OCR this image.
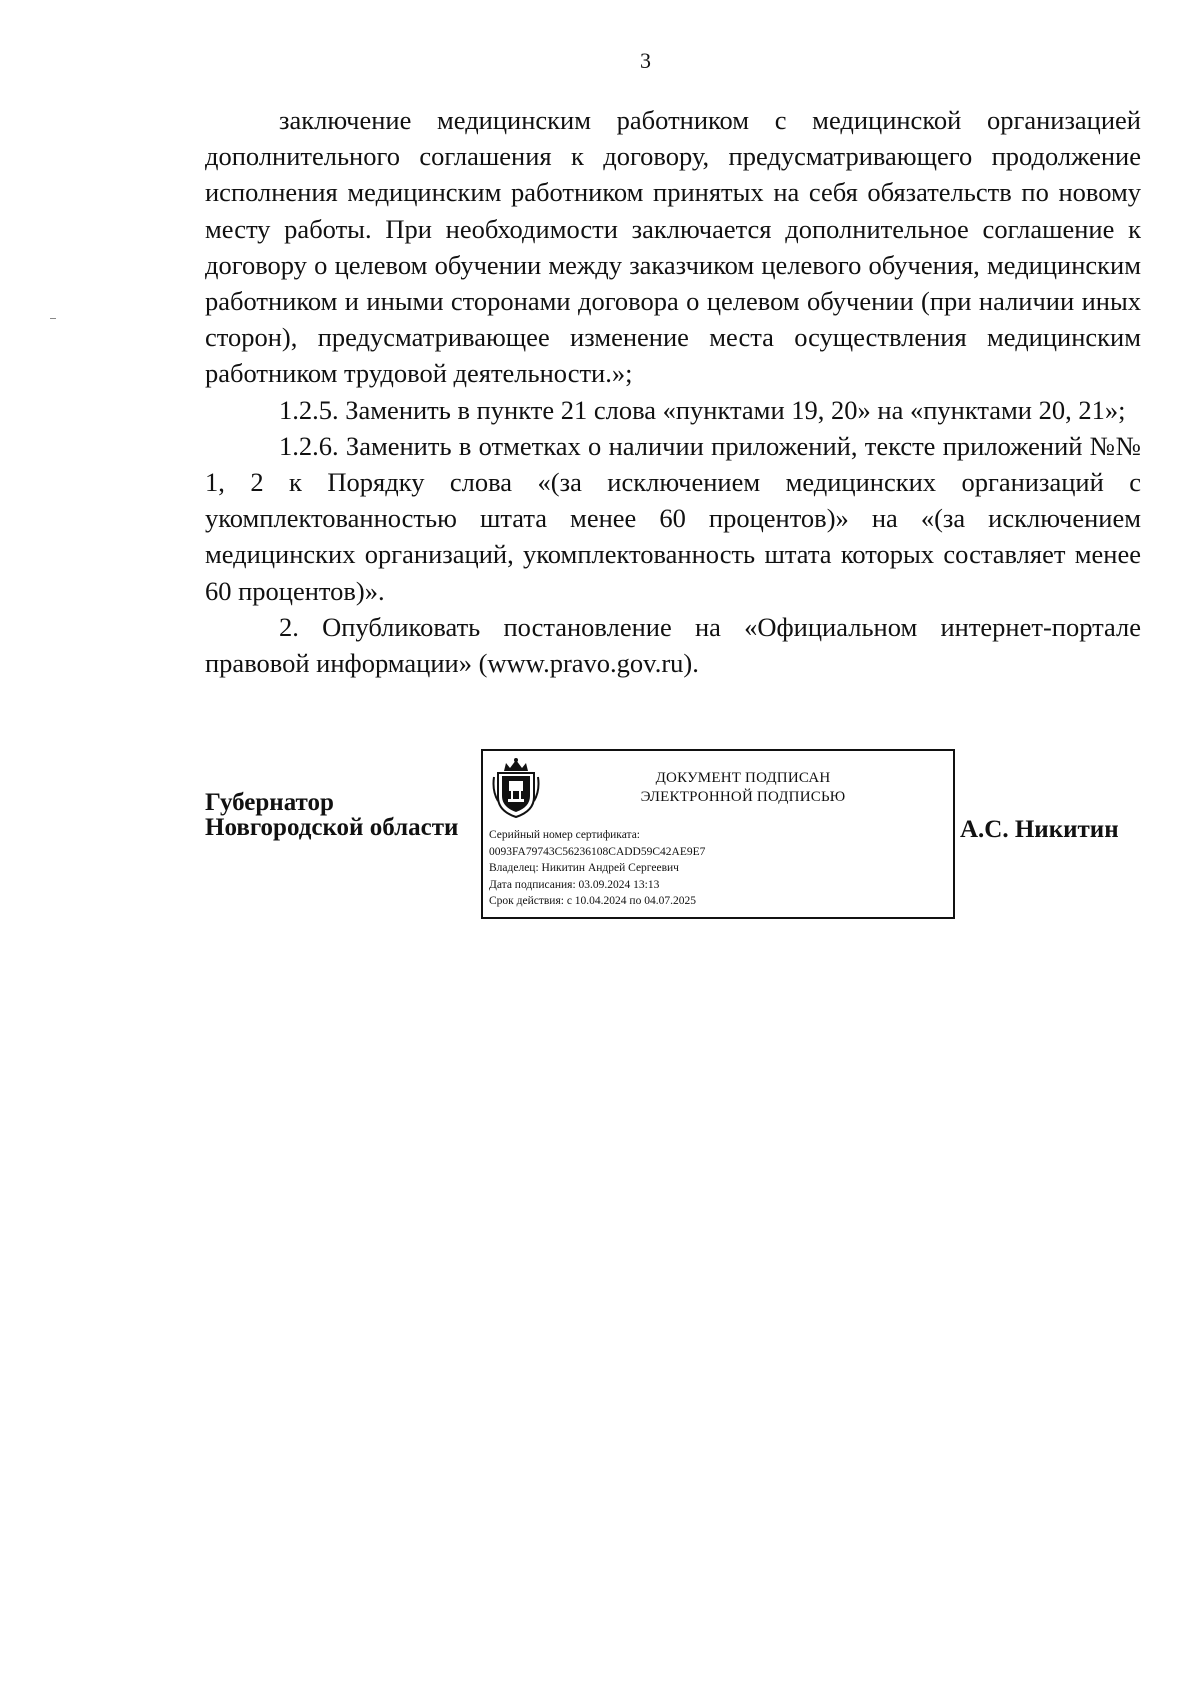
3

заключение медицинским работником с медицинской организацией дополнительного соглашения к договору, предусматривающего продолжение исполнения медицинским работником принятых на себя обязательств по новому месту работы. При необходимости заключается дополнительное соглашение к договору о целевом обучении между заказчиком целевого обучения, медицинским работником и иными сторонами договора о целевом обучении (при наличии иных сторон), предусматривающее изменение места осуществления медицинским работником трудовой деятельности.»;

1.2.5. Заменить в пункте 21 слова «пунктами 19, 20» на «пунктами 20, 21»;

1.2.6. Заменить в отметках о наличии приложений, тексте приложений №№ 1, 2 к Порядку слова «(за исключением медицинских организаций с укомплектованностью штата менее 60 процентов)» на «(за исключением медицинских организаций, укомплектованность штата которых составляет менее 60 процентов)».

2. Опубликовать постановление на «Официальном интернет-портале правовой информации» (www.pravo.gov.ru).

Губернатор
Новгородской области
ДОКУМЕНТ ПОДПИСАН
ЭЛЕКТРОННОЙ ПОДПИСЬЮ
Серийный номер сертификата:
0093FA79743C56236108CADD59C42AE9E7
Владелец: Никитин Андрей Сергеевич
Дата подписания: 03.09.2024 13:13
Срок действия: с 10.04.2024 по 04.07.2025
А.С. Никитин
